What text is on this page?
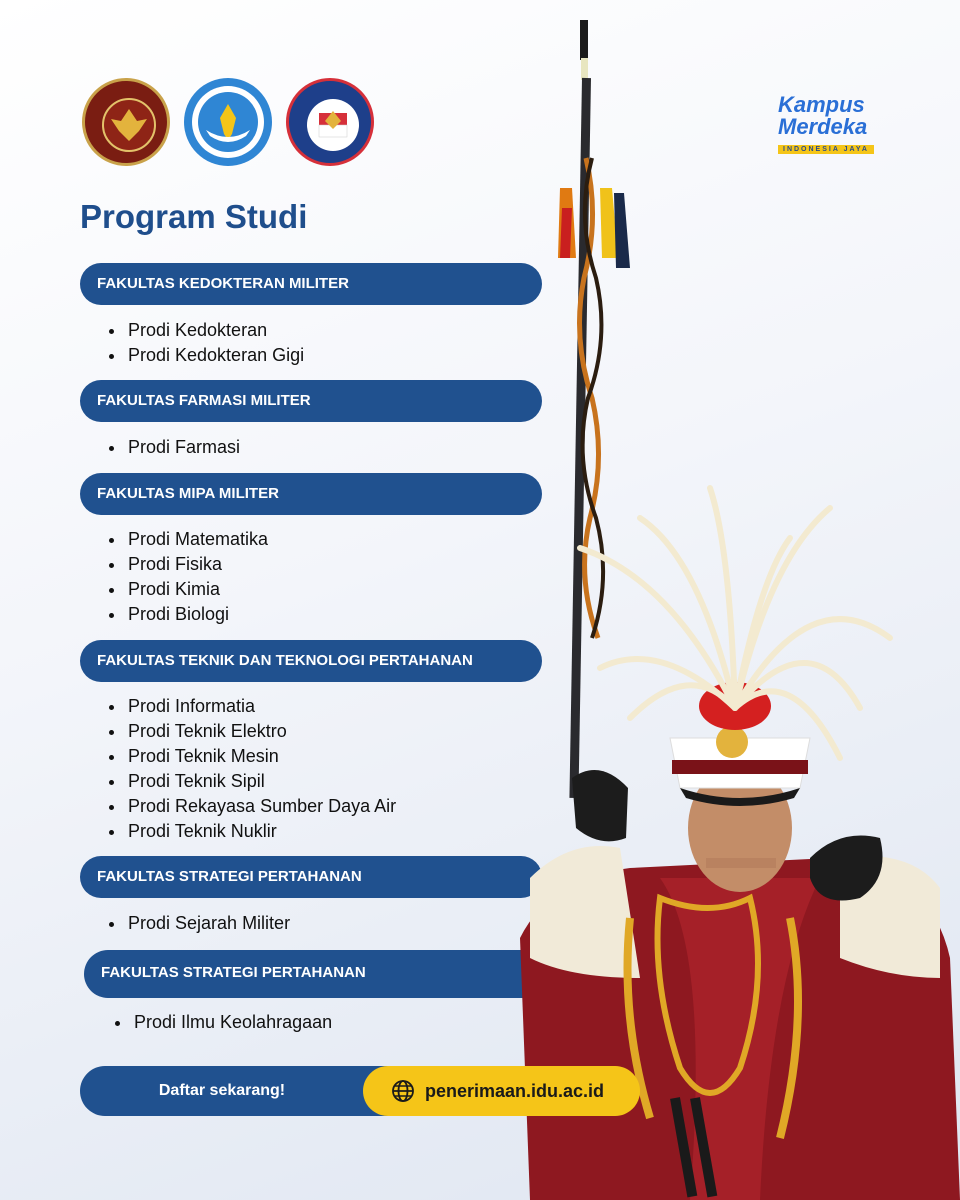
Kampus
Merdeka
INDONESIA JAYA
Program Studi
FAKULTAS KEDOKTERAN MILITER
• Prodi Kedokteran
• Prodi Kedokteran Gigi
FAKULTAS FARMASI MILITER
• Prodi Farmasi
FAKULTAS MIPA MILITER
• Prodi Matematika
• Prodi Fisika
• Prodi Kimia
• Prodi Biologi
FAKULTAS TEKNIK DAN TEKNOLOGI PERTAHANAN
• Prodi Informatia
• Prodi Teknik Elektro
• Prodi Teknik Mesin
• Prodi Teknik Sipil
• Prodi Rekayasa Sumber Daya Air
• Prodi Teknik Nuklir
FAKULTAS STRATEGI PERTAHANAN
• Prodi Sejarah Militer
FAKULTAS STRATEGI PERTAHANAN
• Prodi Ilmu Keolahragaan
Daftar sekarang!	penerimaan.idu.ac.id
